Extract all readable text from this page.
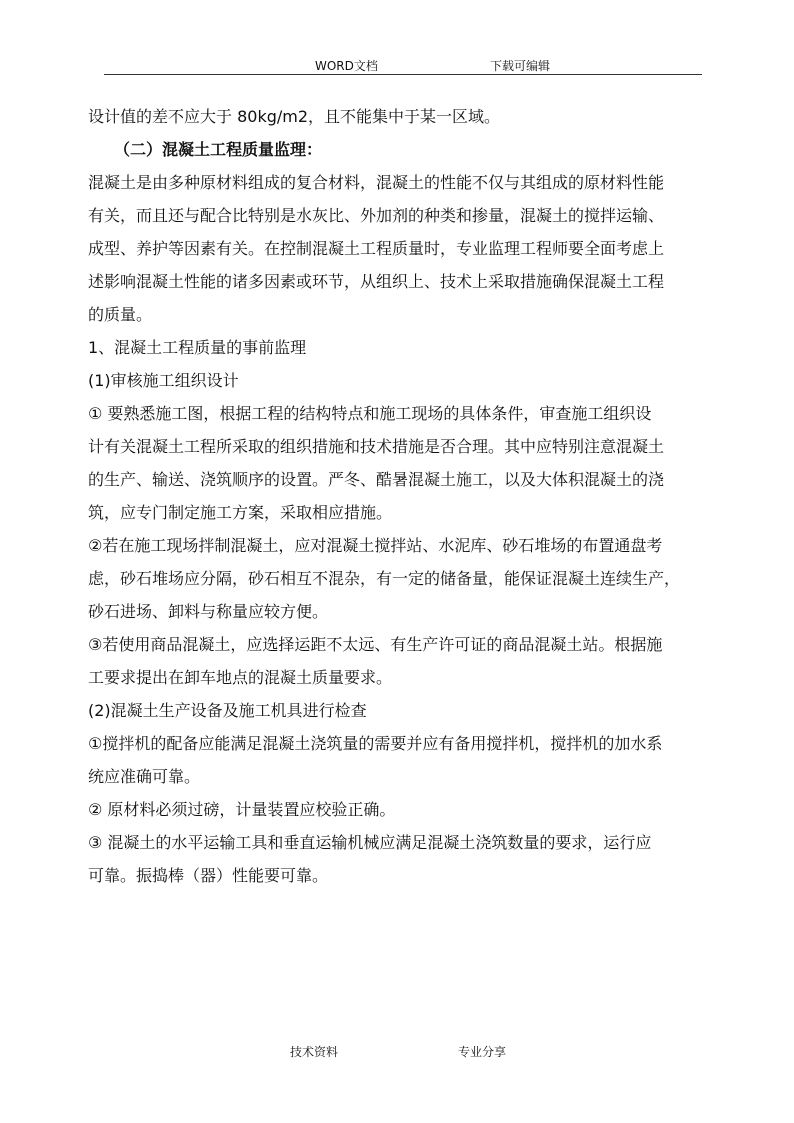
WORD文档	下载可编辑
设计值的差不应大于 80kg/m2，且不能集中于某一区域。
（二）混凝土工程质量监理：
混凝土是由多种原材料组成的复合材料，混凝土的性能不仅与其组成的原材料性能
有关，而且还与配合比特别是水灰比、外加剂的种类和掺量，混凝土的搅拌运输、
成型、养护等因素有关。在控制混凝土工程质量时，专业监理工程师要全面考虑上
述影响混凝土性能的诸多因素或环节，从组织上、技术上采取措施确保混凝土工程
的质量。
1、混凝土工程质量的事前监理
(1)审核施工组织设计
① 要熟悉施工图，根据工程的结构特点和施工现场的具体条件，审查施工组织设
计有关混凝土工程所采取的组织措施和技术措施是否合理。其中应特别注意混凝土
的生产、输送、浇筑顺序的设置。严冬、酷暑混凝土施工，以及大体积混凝土的浇
筑，应专门制定施工方案，采取相应措施。
②若在施工现场拌制混凝土，应对混凝土搅拌站、水泥库、砂石堆场的布置通盘考
虑，砂石堆场应分隔，砂石相互不混杂，有一定的储备量，能保证混凝土连续生产，
砂石进场、卸料与称量应较方便。
③若使用商品混凝土，应选择运距不太远、有生产许可证的商品混凝土站。根据施
工要求提出在卸车地点的混凝土质量要求。
(2)混凝土生产设备及施工机具进行检查
①搅拌机的配备应能满足混凝土浇筑量的需要并应有备用搅拌机，搅拌机的加水系
统应准确可靠。
② 原材料必须过磅，计量装置应校验正确。
③ 混凝土的水平运输工具和垂直运输机械应满足混凝土浇筑数量的要求，运行应
可靠。振捣棒（器）性能要可靠。
技术资料	专业分享
